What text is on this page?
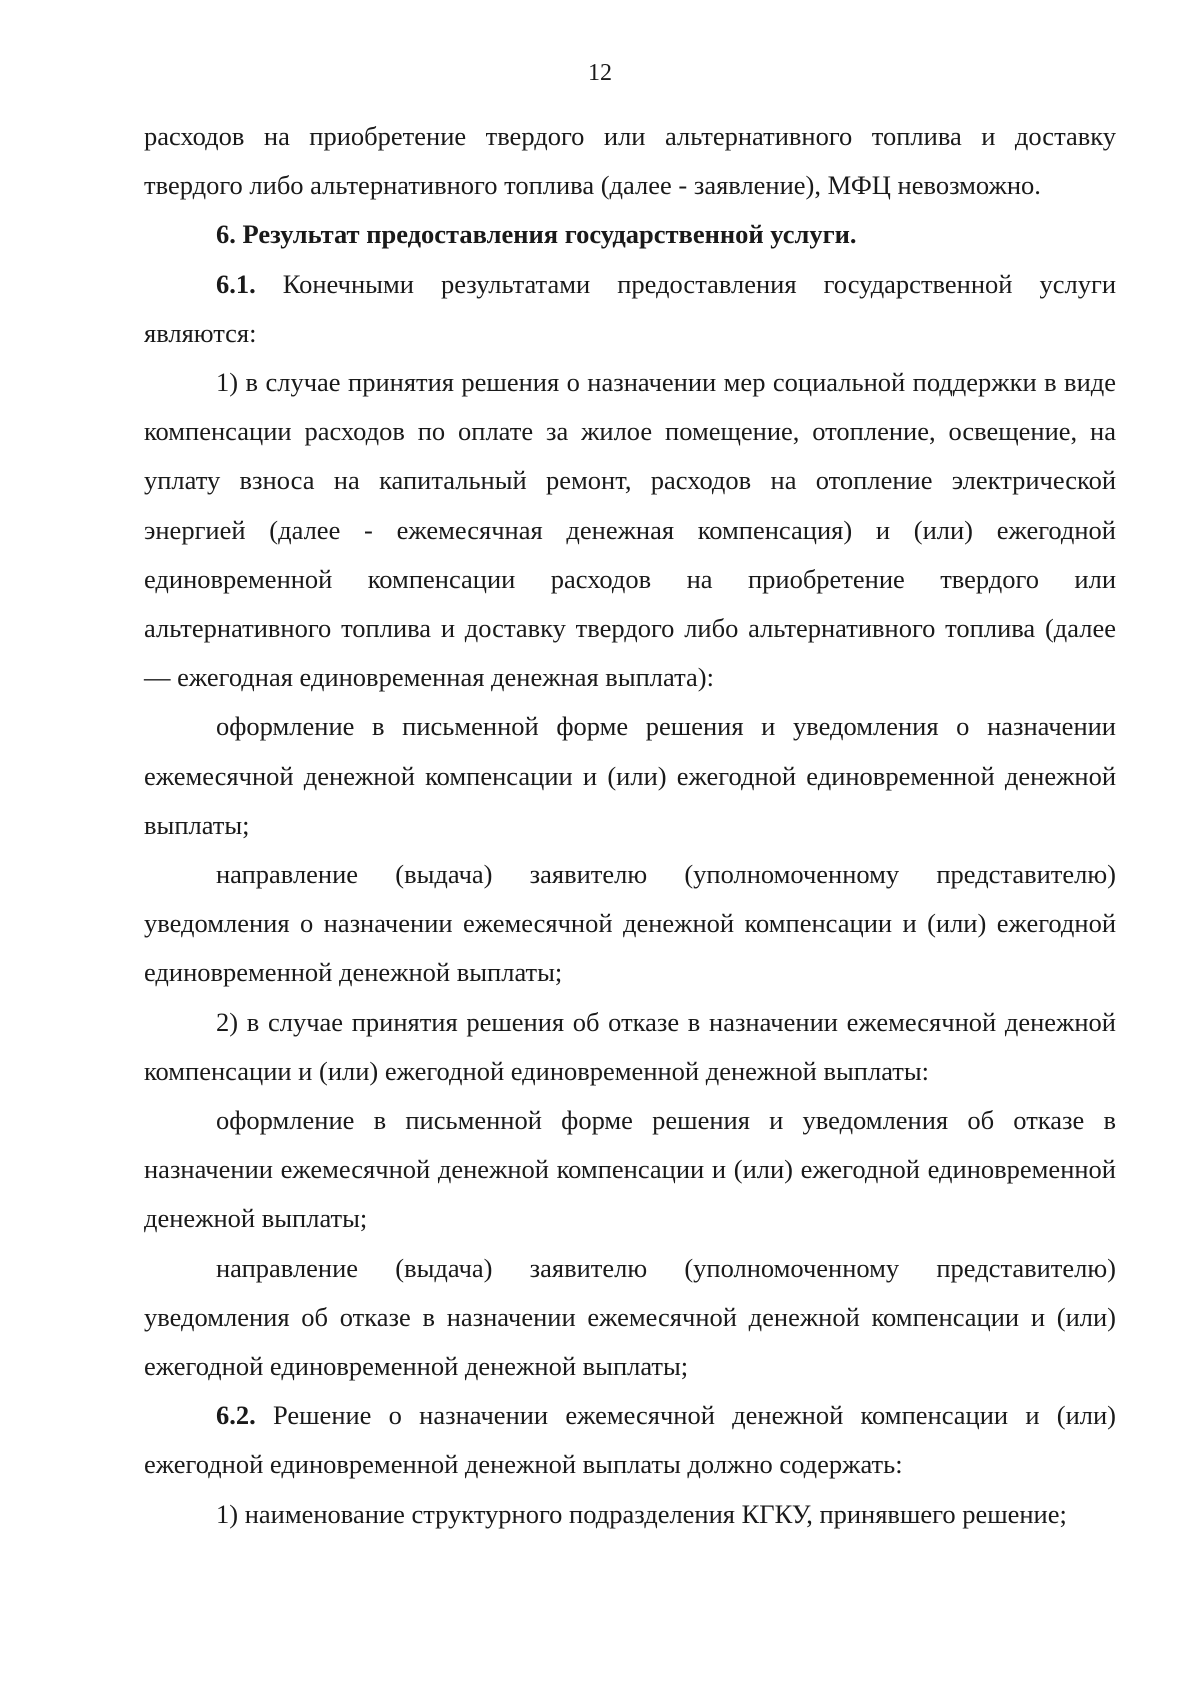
12

расходов на приобретение твердого или альтернативного топлива и доставку твердого либо альтернативного топлива (далее - заявление), МФЦ невозможно.

6. Результат предоставления государственной услуги.

6.1. Конечными результатами предоставления государственной услуги являются:

1) в случае принятия решения о назначении мер социальной поддержки в виде компенсации расходов по оплате за жилое помещение, отопление, освещение, на уплату взноса на капитальный ремонт, расходов на отопление электрической энергией (далее - ежемесячная денежная компенсация) и (или) ежегодной единовременной компенсации расходов на приобретение твердого или альтернативного топлива и доставку твердого либо альтернативного топлива (далее — ежегодная единовременная денежная выплата):

оформление в письменной форме решения и уведомления о назначении ежемесячной денежной компенсации и (или) ежегодной единовременной денежной выплаты;

направление (выдача) заявителю (уполномоченному представителю) уведомления о назначении ежемесячной денежной компенсации и (или) ежегодной единовременной денежной выплаты;

2) в случае принятия решения об отказе в назначении ежемесячной денежной компенсации и (или) ежегодной единовременной денежной выплаты:

оформление в письменной форме решения и уведомления об отказе в назначении ежемесячной денежной компенсации и (или) ежегодной единовременной денежной выплаты;

направление (выдача) заявителю (уполномоченному представителю) уведомления об отказе в назначении ежемесячной денежной компенсации и (или) ежегодной единовременной денежной выплаты;

6.2. Решение о назначении ежемесячной денежной компенсации и (или) ежегодной единовременной денежной выплаты должно содержать:

1) наименование структурного подразделения КГКУ, принявшего решение;
